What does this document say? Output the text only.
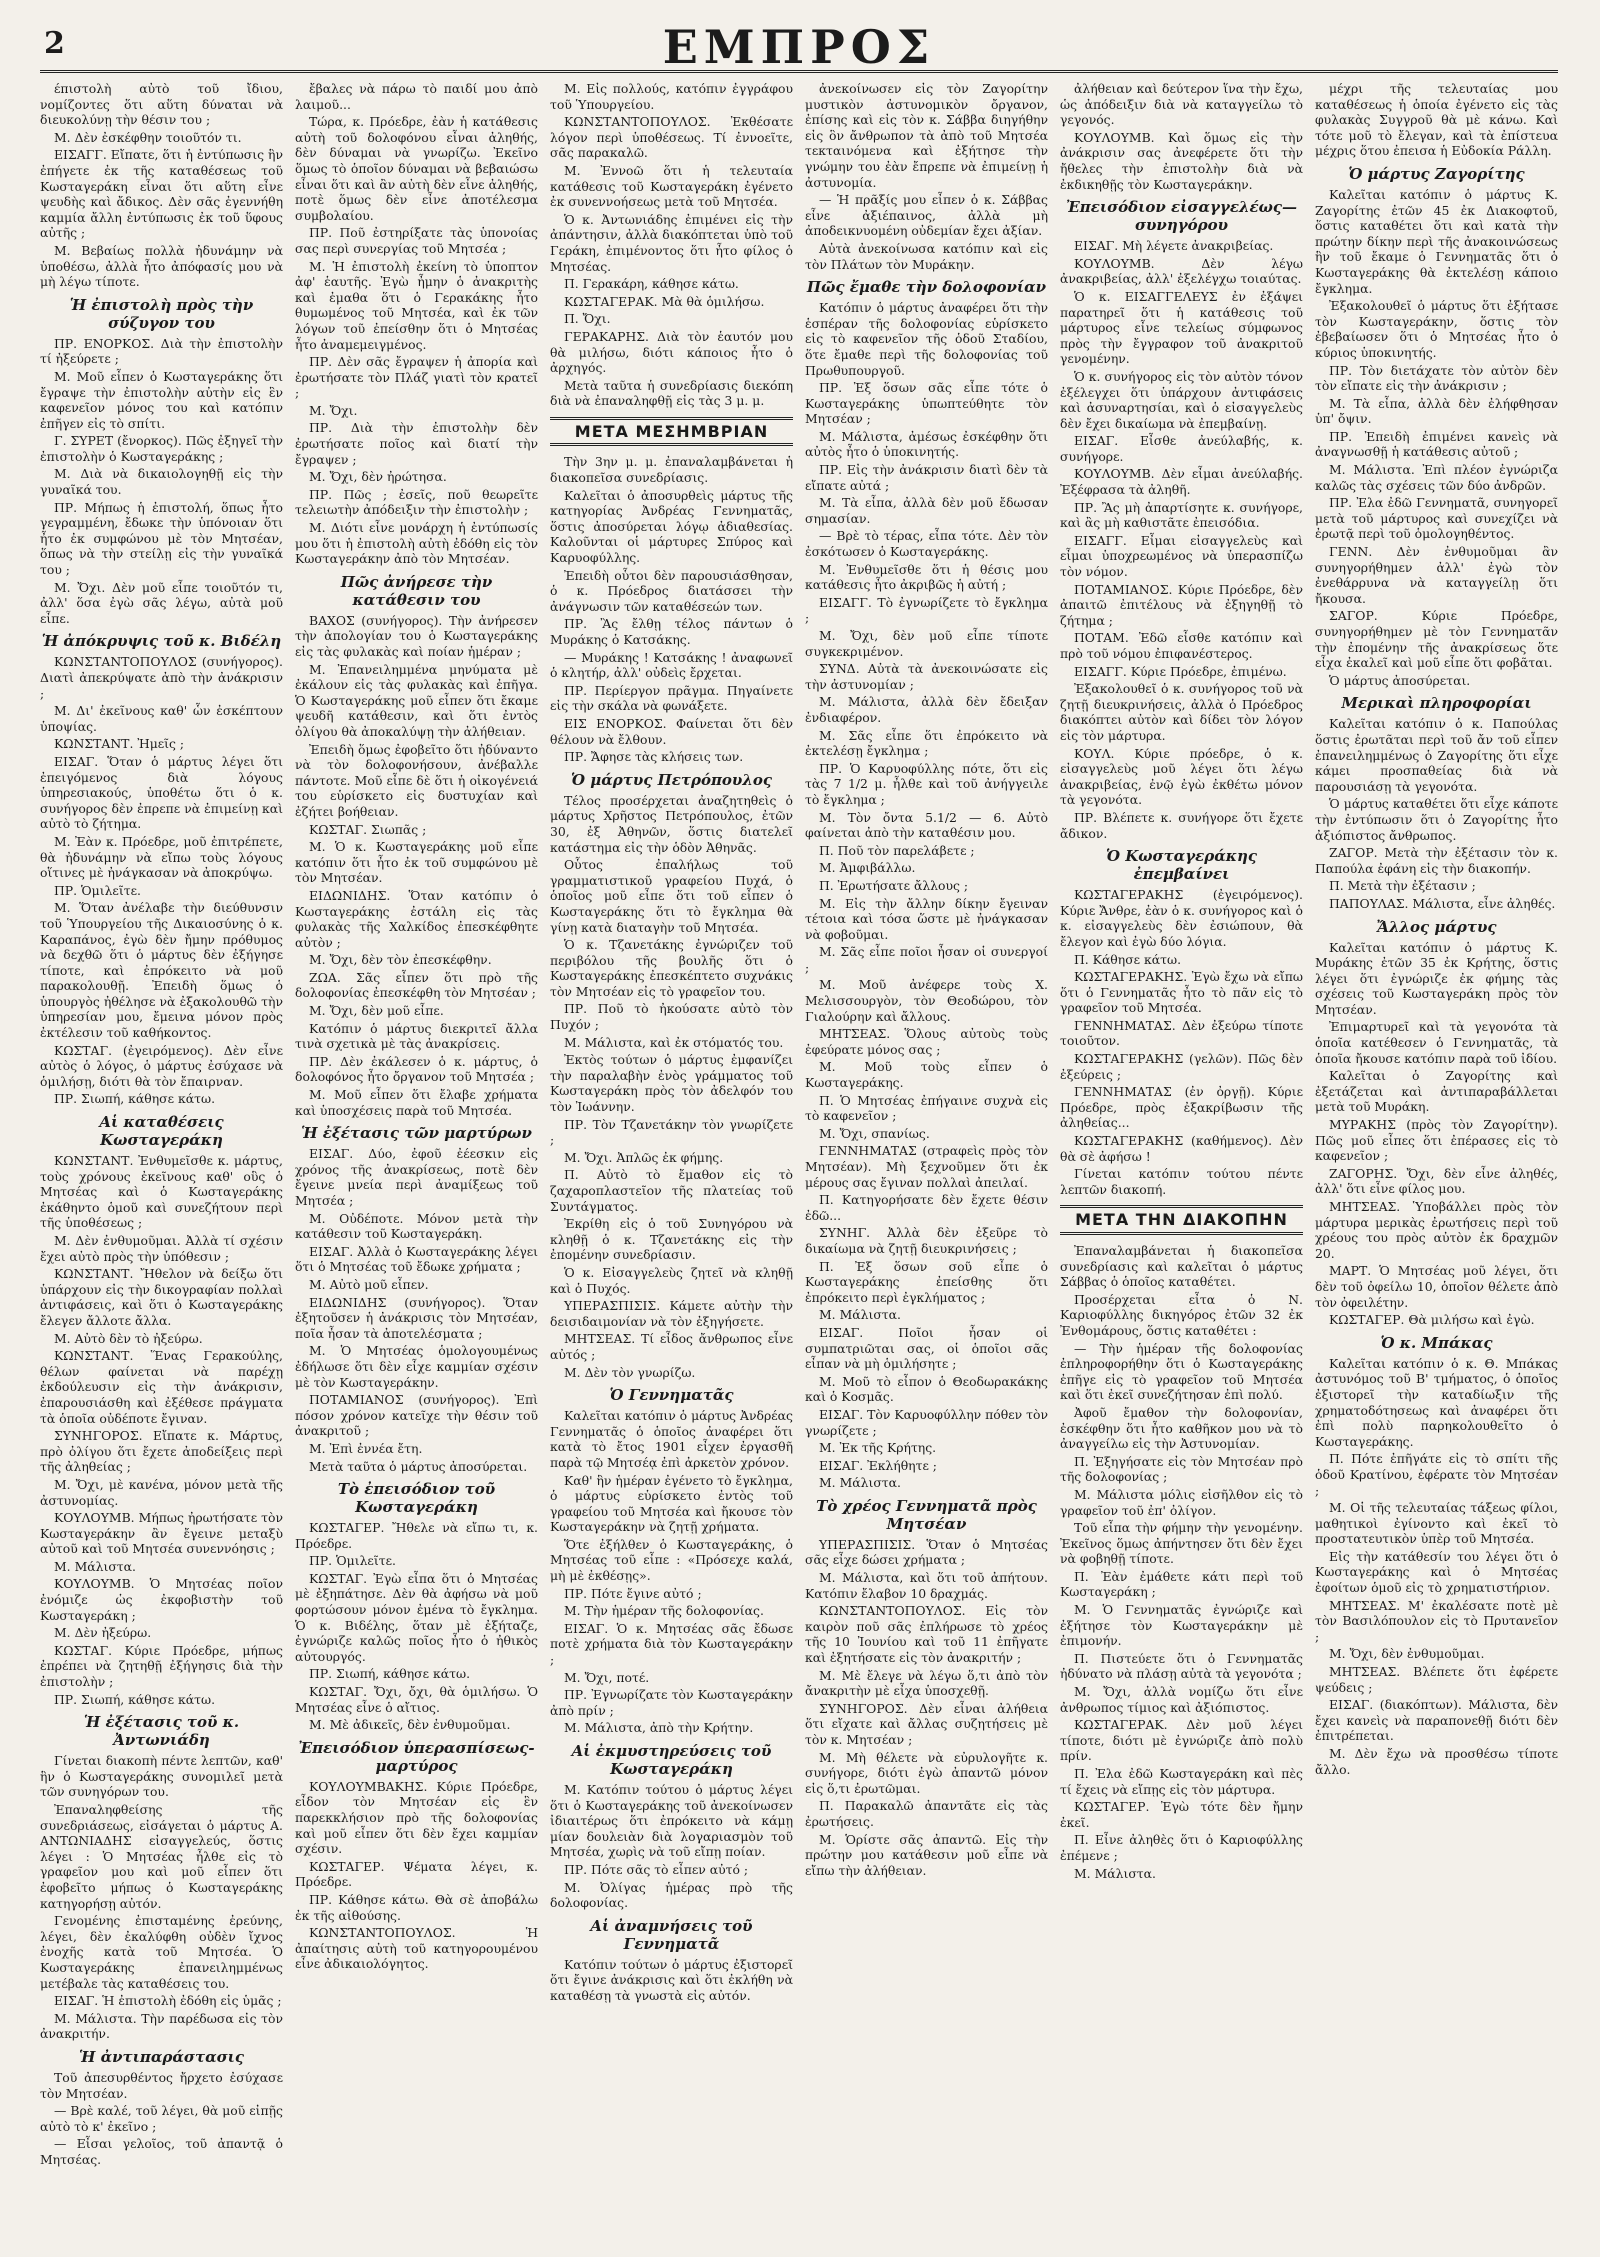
2	ΕΜΠΡΟΣ

έπιστολὴ αὐτὸ τοῦ ἴδιου, νομίζοντες ὅτι αὕτη δύναται νὰ διευκολύνῃ τὴν θέσιν του ;

Μ. Δὲν ἐσκέφθην τοιοῦτόν τι.

ΕΙΣΑΓΓ. Εἴπατε, ὅτι ἡ ἐντύπωσις ἣν ἐπήγετε ἐκ τῆς καταθέσεως τοῦ Κωσταγεράκη εἶναι ὅτι αὕτη εἶνε ψευδὴς καὶ ἄδικος. Δὲν σᾶς ἐγεννήθη καμμία ἄλλη ἐντύπωσις ἐκ τοῦ ὕφους αὐτῆς ;

Μ. Βεβαίως πολλὰ ἠδυνάμην νὰ ὑποθέσω, ἀλλὰ ἦτο ἀπόφασίς μου νὰ μὴ λέγω τίποτε.

Ἡ ἐπιστολὴ πρὸς τὴν σύζυγον του

ΠΡ. ΕΝΟΡΚΟΣ. Διὰ τὴν ἐπιστολὴν τί ἠξεύρετε ;

Μ. Μοῦ εἶπεν ὁ Κωσταγεράκης ὅτι ἔγραψε τὴν ἐπιστολὴν αὐτὴν εἰς ἓν καφενεῖον μόνος του καὶ κατόπιν ἐπῆγεν εἰς τὸ σπίτι.

Γ. ΣΥΡΕΤ (ἔνορκος). Πῶς ἐξηγεῖ τὴν ἐπιστολὴν ὁ Κωσταγεράκης ;

Μ. Διὰ νὰ δικαιολογηθῇ εἰς τὴν γυναῖκά του.

ΠΡ. Μήπως ἡ ἐπιστολή, ὅπως ἦτο γεγραμμένη, ἔδωκε τὴν ὑπόνοιαν ὅτι ἦτο ἐκ συμφώνου μὲ τὸν Μητσέαν, ὅπως νὰ τὴν στείλῃ εἰς τὴν γυναῖκά του ;

Μ. Ὄχι. Δὲν μοῦ εἶπε τοιοῦτόν τι, ἀλλ' ὅσα ἐγὼ σᾶς λέγω, αὐτὰ μοῦ εἶπε.

Ἡ ἀπόκρυψις τοῦ κ. Βιδέλη

ΚΩΝΣΤΑΝΤΟΠΟΥΛΟΣ (συνήγορος). Διατὶ ἀπεκρύψατε ἀπὸ τὴν ἀνάκρισιν ;

Μ. Δι' ἐκεῖνους καθ' ὧν ἐσκέπτουν ὑποψίας.

ΚΩΝΣΤΑΝΤ. Ἠμεῖς ;

ΕΙΣΑΓ. Ὅταν ὁ μάρτυς λέγει ὅτι ἐπειγόμενος διὰ λόγους ὑπηρεσιακούς, ὑποθέτω ὅτι ὁ κ. συνήγορος δὲν ἐπρεπε νὰ ἐπιμείνῃ καὶ αὐτὸ τὸ ζήτημα.

Μ. Ἐὰν κ. Πρόεδρε, μοῦ ἐπιτρέπετε, θὰ ἠδυνάμην νὰ εἴπω τοὺς λόγους οἵτινες μὲ ἠνάγκασαν νὰ ἀποκρύψω.

ΠΡ. Ὁμιλεῖτε.

Μ. Ὅταν ἀνέλαβε τὴν διεύθυνσιν τοῦ Ὑπουργείου τῆς Δικαιοσύνης ὁ κ. Καραπάνος, ἐγὼ δὲν ἤμην πρόθυμος νὰ δεχθῶ ὅτι ὁ μάρτυς δὲν ἐξήγησε τίποτε, καὶ ἐπρόκειτο νὰ μοῦ παρακολουθῇ. Ἐπειδὴ ὅμως ὁ ὑπουργὸς ἠθέλησε νὰ ἐξακολουθῶ τὴν ὑπηρεσίαν μου, ἔμεινα μόνον πρὸς ἐκτέλεσιν τοῦ καθήκοντος.

ΚΩΣΤΑΓ. (ἐγειρόμενος). Δὲν εἶνε αὐτὸς ὁ λόγος, ὁ μάρτυς ἐσύχασε νὰ ὁμιλήσῃ, διότι θὰ τὸν ἔπαιρναν.

ΠΡ. Σιωπή, κάθησε κάτω.

Αἱ καταθέσεις Κωσταγεράκη

ΚΩΝΣΤΑΝΤ. Ἐνθυμεῖσθε κ. μάρτυς, τοὺς χρόνους ἐκεῖνους καθ' οὓς ὁ Μητσέας καὶ ὁ Κωσταγεράκης ἐκάθηντο ὁμοῦ καὶ συνεζήτουν περὶ τῆς ὑποθέσεως ;

Μ. Δὲν ἐνθυμοῦμαι. Ἀλλὰ τί σχέσιν ἔχει αὐτὸ πρὸς τὴν ὑπόθεσιν ;

ΚΩΝΣΤΑΝΤ. Ἤθελον νὰ δείξω ὅτι ὑπάρχουν εἰς τὴν δικογραφίαν πολλαὶ ἀντιφάσεις, καὶ ὅτι ὁ Κωσταγεράκης ἔλεγεν ἄλλοτε ἄλλα.

Μ. Αὐτὸ δὲν τὸ ἠξεύρω.

ΚΩΝΣΤΑΝΤ. Ἕνας Γερακούλης, θέλων φαίνεται νὰ παρέχῃ ἐκδούλευσιν εἰς τὴν ἀνάκρισιν, ἐπαρουσιάσθη καὶ ἐξέθεσε πράγματα τὰ ὁποῖα οὐδέποτε ἔγιναν.

ΣΥΝΗΓΟΡΟΣ. Εἴπατε κ. Μάρτυς, πρὸ ὀλίγου ὅτι ἔχετε ἀποδείξεις περὶ τῆς ἀληθείας ;

Μ. Ὄχι, μὲ κανένα, μόνον μετὰ τῆς ἀστυνομίας.

ΚΟΥΛΟΥΜΒ. Μήπως ἠρωτήσατε τὸν Κωσταγεράκην ἂν ἔγεινε μεταξὺ αὐτοῦ καὶ τοῦ Μητσέα συνεννόησις ;

Μ. Μάλιστα.

ΚΟΥΛΟΥΜΒ. Ὁ Μητσέας ποῖον ἐνόμιζε ὡς ἐκφοβιστὴν τοῦ Κωσταγεράκη ;

Μ. Δὲν ἠξεύρω.

ΚΩΣΤΑΓ. Κύριε Πρόεδρε, μήπως ἐπρέπει νὰ ζητηθῇ ἐξήγησις διὰ τὴν ἐπιστολὴν ;

ΠΡ. Σιωπή, κάθησε κάτω.

Ἡ ἐξέτασις τοῦ κ. Ἀντωνιάδη

Γίνεται διακοπὴ πέντε λεπτῶν, καθ' ἣν ὁ Κωσταγεράκης συνομιλεῖ μετὰ τῶν συνηγόρων του.

Ἐπαναληφθείσης τῆς συνεδριάσεως, εἰσάγεται ὁ μάρτυς Α. ΑΝΤΩΝΙΑΔΗΣ εἰσαγγελεύς, ὅστις λέγει : Ὁ Μητσέας ἦλθε εἰς τὸ γραφεῖον μου καὶ μοῦ εἶπεν ὅτι ἐφοβεῖτο μήπως ὁ Κωσταγεράκης κατηγορήσῃ αὐτόν.

Γενομένης ἐπισταμένης ἐρεύνης, λέγει, δὲν ἐκαλύφθη οὐδὲν ἴχνος ἐνοχῆς κατὰ τοῦ Μητσέα. Ὁ Κωσταγεράκης ἐπανειλημμένως μετέβαλε τὰς καταθέσεις του.

ΕΙΣΑΓ. Ἡ ἐπιστολὴ ἐδόθη εἰς ὑμᾶς ;

Μ. Μάλιστα. Τὴν παρέδωσα εἰς τὸν ἀνακριτήν.

Ἡ ἀντιπαράστασις

Τοῦ ἀπεσυρθέντος ἤρχετο ἐσύχασε τὸν Μητσέαν.

— Βρὲ καλέ, τοῦ λέγει, θὰ μοῦ εἰπῇς αὐτὸ τὸ κ' ἐκεῖνο ;

— Εἶσαι γελοῖος, τοῦ ἀπαντᾷ ὁ Μητσέας.

ἔβαλες νὰ πάρω τὸ παιδί μου ἀπὸ λαιμοῦ...

Τώρα, κ. Πρόεδρε, ἐὰν ἡ κατάθεσις αὐτὴ τοῦ δολοφόνου εἶναι ἀληθής, δὲν δύναμαι νὰ γνωρίζω. Ἐκεῖνο ὅμως τὸ ὁποῖον δύναμαι νὰ βεβαιώσω εἶναι ὅτι καὶ ἂν αὐτὴ δὲν εἶνε ἀληθής, ποτὲ ὅμως δὲν εἶνε ἀποτέλεσμα συμβολαίου.

ΠΡ. Ποῦ ἐστηρίξατε τὰς ὑπονοίας σας περὶ συνεργίας τοῦ Μητσέα ;

Μ. Ἡ ἐπιστολὴ ἐκείνη τὸ ὑποπτον ἀφ' ἑαυτῆς. Ἐγὼ ἦμην ὁ ἀνακριτὴς καὶ ἐμαθα ὅτι ὁ Γερακάκης ἦτο θυμωμένος τοῦ Μητσέα, καὶ ἐκ τῶν λόγων τοῦ ἐπείσθην ὅτι ὁ Μητσέας ἦτο ἀναμεμειγμένος.

ΠΡ. Δὲν σᾶς ἔγραψεν ἡ ἀπορία καὶ ἐρωτήσατε τὸν Πλάζ γιατὶ τὸν κρατεῖ ;

Μ. Ὄχι.

ΠΡ. Διὰ τὴν ἐπιστολὴν δὲν ἐρωτήσατε ποῖος καὶ διατί τὴν ἔγραψεν ;

Μ. Ὄχι, δὲν ἠρώτησα.

ΠΡ. Πῶς ; ἐσεῖς, ποῦ θεωρεῖτε τελειωτὴν ἀπόδειξιν τὴν ἐπιστολὴν ;

Μ. Διότι εἶνε μονάρχη ἡ ἐντύπωσίς μου ὅτι ἡ ἐπιστολὴ αὐτὴ ἐδόθη εἰς τὸν Κωσταγεράκην ἀπὸ τὸν Μητσέαν.

Πῶς ἀνήρεσε τὴν κατάθεσιν του

ΒΑΧΟΣ (συνήγορος). Τὴν ἀνήρεσεν τὴν ἀπολογίαν του ὁ Κωσταγεράκης εἰς τὰς φυλακὰς καὶ ποίαν ἡμέραν ;

Μ. Ἐπανειλημμένα μηνύματα μὲ ἐκάλουν εἰς τὰς φυλακὰς καὶ ἐπῆγα. Ὁ Κωσταγεράκης μοῦ εἶπεν ὅτι ἔκαμε ψευδῆ κατάθεσιν, καὶ ὅτι ἐντὸς ὀλίγου θὰ ἀποκαλύψῃ τὴν ἀλήθειαν.

Ἐπειδὴ ὅμως ἐφοβεῖτο ὅτι ἠδύναντο νὰ τὸν δολοφονήσουν, ἀνέβαλλε πάντοτε. Μοῦ εἶπε δὲ ὅτι ἡ οἰκογένειά του εὑρίσκετο εἰς δυστυχίαν καὶ ἐζήτει βοήθειαν.

ΚΩΣΤΑΓ. Σιωπᾶς ;

Μ. Ὁ κ. Κωσταγεράκης μοῦ εἶπε κατόπιν ὅτι ἦτο ἐκ τοῦ συμφώνου μὲ τὸν Μητσέαν.

ΕΙΔΩΝΙΔΗΣ. Ὅταν κατόπιν ὁ Κωσταγεράκης ἐστάλη εἰς τὰς φυλακὰς τῆς Χαλκίδος ἐπεσκέφθητε αὐτὸν ;

Μ. Ὄχι, δὲν τὸν ἐπεσκέφθην.

ΖΩΑ. Σᾶς εἶπεν ὅτι πρὸ τῆς δολοφονίας ἐπεσκέφθη τὸν Μητσέαν ;

Μ. Ὄχι, δὲν μοῦ εἶπε.

Κατόπιν ὁ μάρτυς διεκριτεῖ ἄλλα τινὰ σχετικὰ μὲ τὰς ἀνακρίσεις.

ΠΡ. Δὲν ἐκάλεσεν ὁ κ. μάρτυς, ὁ δολοφόνος ἦτο ὄργανον τοῦ Μητσέα ;

Μ. Μοῦ εἶπεν ὅτι ἔλαβε χρήματα καὶ ὑποσχέσεις παρὰ τοῦ Μητσέα.

Ἡ ἐξέτασις τῶν μαρτύρων

ΕΙΣΑΓ. Δύο, ἐφοῦ ἐέεσκιν εἰς χρόνος τῆς ἀνακρίσεως, ποτὲ δὲν ἔγεινε μνεία περὶ ἀναμίξεως τοῦ Μητσέα ;

Μ. Οὐδέποτε. Μόνον μετὰ τὴν κατάθεσιν τοῦ Κωσταγεράκη.

ΕΙΣΑΓ. Ἀλλὰ ὁ Κωσταγεράκης λέγει ὅτι ὁ Μητσέας τοῦ ἔδωκε χρήματα ;

Μ. Αὐτὸ μοῦ εἶπεν.

ΕΙΔΩΝΙΔΗΣ (συνήγορος). Ὅταν ἐξητοῦσεν ἡ ἀνάκρισις τὸν Μητσέαν, ποῖα ἦσαν τὰ ἀποτελέσματα ;

Μ. Ὁ Μητσέας ὁμολογουμένως ἐδήλωσε ὅτι δὲν εἶχε καμμίαν σχέσιν μὲ τὸν Κωσταγεράκην.

ΠΟΤΑΜΙΑΝΟΣ (συνήγορος). Ἐπὶ πόσον χρόνον κατεῖχε τὴν θέσιν τοῦ ἀνακριτοῦ ;

Μ. Ἐπὶ ἐννέα ἔτη.

Μετὰ ταῦτα ὁ μάρτυς ἀποσύρεται.

Τὸ ἐπεισόδιον τοῦ Κωσταγεράκη

ΚΩΣΤΑΓΕΡ. Ἤθελε νὰ εἴπω τι, κ. Πρόεδρε.

ΠΡ. Ὁμιλεῖτε.

ΚΩΣΤΑΓ. Ἐγὼ εἶπα ὅτι ὁ Μητσέας μὲ ἐξηπάτησε. Δὲν θὰ ἀφήσω νὰ μοῦ φορτώσουν μόνον ἐμένα τὸ ἔγκλημα. Ὁ κ. Βιδέλης, ὅταν μὲ ἐξήταζε, ἐγνώριζε καλῶς ποῖος ἦτο ὁ ἠθικὸς αὐτουργός.

ΠΡ. Σιωπή, κάθησε κάτω.

ΚΩΣΤΑΓ. Ὄχι, ὄχι, θὰ ὁμιλήσω. Ὁ Μητσέας εἶνε ὁ αἴτιος.

Μ. Μὲ ἀδικεῖς, δὲν ἐνθυμοῦμαι.

Ἐπεισόδιον ὑπερασπίσεως-μαρτύρος

ΚΟΥΛΟΥΜΒΑΚΗΣ. Κύριε Πρόεδρε, εἶδον τὸν Μητσέαν εἰς ἓν παρεκκλήσιον πρὸ τῆς δολοφονίας καὶ μοῦ εἶπεν ὅτι δὲν ἔχει καμμίαν σχέσιν.

ΚΩΣΤΑΓΕΡ. Ψέματα λέγει, κ. Πρόεδρε.

ΠΡ. Κάθησε κάτω. Θὰ σὲ ἀποβάλω ἐκ τῆς αἰθούσης.

ΚΩΝΣΤΑΝΤΟΠΟΥΛΟΣ. Ἡ ἀπαίτησις αὐτὴ τοῦ κατηγορουμένου εἶνε ἀδικαιολόγητος.

Μ. Εἰς πολλούς, κατόπιν ἐγγράφου τοῦ Ὑπουργείου.

ΚΩΝΣΤΑΝΤΟΠΟΥΛΟΣ. Ἐκθέσατε λόγον περὶ ὑποθέσεως. Τί ἐννοεῖτε, σᾶς παρακαλῶ.

Μ. Ἐννοῶ ὅτι ἡ τελευταία κατάθεσις τοῦ Κωσταγεράκη ἐγένετο ἐκ συνεννοήσεως μετὰ τοῦ Μητσέα.

Ὁ κ. Ἀντωνιάδης ἐπιμένει εἰς τὴν ἀπάντησιν, ἀλλὰ διακόπτεται ὑπὸ τοῦ Γεράκη, ἐπιμένοντος ὅτι ἦτο φίλος ὁ Μητσέας.

Π. Γερακάρη, κάθησε κάτω.

ΚΩΣΤΑΓΕΡΑΚ. Μὰ θὰ ὁμιλήσω.

Π. Ὄχι.

ΓΕΡΑΚΑΡΗΣ. Διὰ τὸν ἑαυτόν μου θὰ μιλήσω, διότι κάποιος ἦτο ὁ ἀρχηγός.

Μετὰ ταῦτα ἡ συνεδρίασις διεκόπη διὰ νὰ ἐπαναληφθῇ εἰς τὰς 3 μ. μ.

ΜΕΤΑ ΜΕΣΗΜΒΡΙΑΝ

Τὴν 3ην μ. μ. ἐπαναλαμβάνεται ἡ διακοπεῖσα συνεδρίασις.

Καλεῖται ὁ ἀποσυρθεὶς μάρτυς τῆς κατηγορίας Ἀνδρέας Γεννηματᾶς, ὅστις ἀποσύρεται λόγῳ ἀδιαθεσίας. Καλοῦνται οἱ μάρτυρες Σπύρος καὶ Καρυοφύλλης.

Ἐπειδὴ οὗτοι δὲν παρουσιάσθησαν, ὁ κ. Πρόεδρος διατάσσει τὴν ἀνάγνωσιν τῶν καταθέσεών των.

ΠΡ. Ἂς ἔλθῃ τέλος πάντων ὁ Μυράκης ὁ Κατσάκης.

— Μυράκης ! Κατσάκης ! ἀναφωνεῖ ὁ κλητήρ, ἀλλ' οὐδεὶς ἔρχεται.

ΠΡ. Περίεργον πρᾶγμα. Πηγαίνετε εἰς τὴν σκάλα νὰ φωνάξετε.

ΕΙΣ ΕΝΟΡΚΟΣ. Φαίνεται ὅτι δὲν θέλουν νὰ ἔλθουν.

ΠΡ. Ἄφησε τὰς κλήσεις των.

Ὁ μάρτυς Πετρόπουλος

Τέλος προσέρχεται ἀναζητηθεὶς ὁ μάρτυς Χρῆστος Πετρόπουλος, ἐτῶν 30, ἐξ Ἀθηνῶν, ὅστις διατελεῖ κατάστημα εἰς τὴν ὁδὸν Ἀθηνᾶς.

Οὗτος ἐπαλήλως τοῦ γραμματιστικοῦ γραφείου Πυχά, ὁ ὁποῖος μοῦ εἶπε ὅτι τοῦ εἶπεν ὁ Κωσταγεράκης ὅτι τὸ ἔγκλημα θὰ γίνῃ κατὰ διαταγὴν τοῦ Μητσέα.

Ὁ κ. Τζανετάκης ἐγνώριζεν τοῦ περιβόλου τῆς βουλῆς ὅτι ὁ Κωσταγεράκης ἐπεσκέπτετο συχνάκις τὸν Μητσέαν εἰς τὸ γραφεῖον του.

ΠΡ. Ποῦ τὸ ἠκούσατε αὐτὸ τὸν Πυχόν ;

Μ. Μάλιστα, καὶ ἐκ στόματός του.

Ἐκτὸς τούτων ὁ μάρτυς ἐμφανίζει τὴν παραλαβὴν ἐνὸς γράμματος τοῦ Κωσταγεράκη πρὸς τὸν ἀδελφόν του τὸν Ἰωάννην.

ΠΡ. Τὸν Τζανετάκην τὸν γνωρίζετε ;

Μ. Ὄχι. Ἀπλῶς ἐκ φήμης.

Π. Αὐτὸ τὸ ἔμαθον εἰς τὸ ζαχαροπλαστεῖον τῆς πλατείας τοῦ Συντάγματος.

Ἐκρίθη εἰς ὁ τοῦ Συνηγόρου νὰ κληθῇ ὁ κ. Τζανετάκης εἰς τὴν ἐπομένην συνεδρίασιν.

Ὁ κ. Εἰσαγγελεὺς ζητεῖ νὰ κληθῇ καὶ ὁ Πυχός.

ΥΠΕΡΑΣΠΙΣΙΣ. Κάμετε αὐτὴν τὴν δεισιδαιμονίαν νὰ τὸν ἐξηγήσετε.

ΜΗΤΣΕΑΣ. Τί εἶδος ἄνθρωπος εἶνε αὐτός ;

Μ. Δὲν τὸν γνωρίζω.

Ὁ Γεννηματᾶς

Καλεῖται κατόπιν ὁ μάρτυς Ἀνδρέας Γεννηματᾶς ὁ ὁποῖος ἀναφέρει ὅτι κατὰ τὸ ἔτος 1901 εἶχεν ἐργασθῆ παρὰ τῷ Μητσέᾳ ἐπὶ ἀρκετὸν χρόνον.

Καθ' ἣν ἡμέραν ἐγένετο τὸ ἔγκλημα, ὁ μάρτυς εὑρίσκετο ἐντὸς τοῦ γραφείου τοῦ Μητσέα καὶ ἤκουσε τὸν Κωσταγεράκην νὰ ζητῇ χρήματα.

Ὅτε ἐξήλθεν ὁ Κωσταγεράκης, ὁ Μητσέας τοῦ εἶπε : «Πρόσεχε καλά, μὴ μὲ ἐκθέσῃς».

ΠΡ. Πότε ἔγινε αὐτό ;

Μ. Τὴν ἡμέραν τῆς δολοφονίας.

ΕΙΣΑΓ. Ὁ κ. Μητσέας σᾶς ἔδωσε ποτὲ χρήματα διὰ τὸν Κωσταγεράκην ;

Μ. Ὄχι, ποτέ.

ΠΡ. Ἐγνωρίζατε τὸν Κωσταγεράκην ἀπὸ πρίν ;

Μ. Μάλιστα, ἀπὸ τὴν Κρήτην.

Αἱ ἐκμυστηρεύσεις τοῦ Κωσταγεράκη

Μ. Κατόπιν τούτου ὁ μάρτυς λέγει ὅτι ὁ Κωσταγεράκης τοῦ ἀνεκοίνωσεν ἰδιαιτέρως ὅτι ἐπρόκειτο νὰ κάμῃ μίαν δουλειὰν διὰ λογαριασμὸν τοῦ Μητσέα, χωρὶς νὰ τοῦ εἴπῃ ποίαν.

ΠΡ. Πότε σᾶς τὸ εἶπεν αὐτό ;

Μ. Ὀλίγας ἡμέρας πρὸ τῆς δολοφονίας.

Αἱ ἀναμνήσεις τοῦ Γεννηματᾶ

Κατόπιν τούτων ὁ μάρτυς ἐξιστορεῖ ὅτι ἔγινε ἀνάκρισις καὶ ὅτι ἐκλήθη νὰ καταθέσῃ τὰ γνωστὰ εἰς αὐτόν.

ἀνεκοίνωσεν εἰς τὸν Ζαγορίτην μυστικὸν ἀστυνομικὸν ὄργανον, ἐπίσης καὶ εἰς τὸν κ. Σάββα διηγήθην εἰς ὃν ἄνθρωπον τὰ ἀπὸ τοῦ Μητσέα τεκταινόμενα καὶ ἐξήτησε τὴν γνώμην του ἐὰν ἔπρεπε νὰ ἐπιμείνῃ ἡ ἀστυνομία.

— Ἡ πρᾶξίς μου εἶπεν ὁ κ. Σάββας εἶνε ἀξιέπαινος, ἀλλὰ μὴ ἀποδεικνυομένη οὐδεμίαν ἔχει ἀξίαν.

Αὐτὰ ἀνεκοίνωσα κατόπιν καὶ εἰς τὸν Πλάτων τὸν Μυράκην.

Πῶς ἔμαθε τὴν δολοφονίαν

Κατόπιν ὁ μάρτυς ἀναφέρει ὅτι τὴν ἑσπέραν τῆς δολοφονίας εὑρίσκετο εἰς τὸ καφενεῖον τῆς ὁδοῦ Σταδίου, ὅτε ἔμαθε περὶ τῆς δολοφονίας τοῦ Πρωθυπουργοῦ.

ΠΡ. Ἐξ ὅσων σᾶς εἶπε τότε ὁ Κωσταγεράκης ὑπωπτεύθητε τὸν Μητσέαν ;

Μ. Μάλιστα, ἀμέσως ἐσκέφθην ὅτι αὐτὸς ἦτο ὁ ὑποκινητής.

ΠΡ. Εἰς τὴν ἀνάκρισιν διατὶ δὲν τὰ εἴπατε αὐτά ;

Μ. Τὰ εἶπα, ἀλλὰ δὲν μοῦ ἔδωσαν σημασίαν.

— Βρὲ τὸ τέρας, εἶπα τότε. Δὲν τὸν ἐσκότωσεν ὁ Κωσταγεράκης.

Μ. Ἐνθυμεῖσθε ὅτι ἡ θέσις μου κατάθεσις ἦτο ἀκριβῶς ἡ αὐτή ;

ΕΙΣΑΓΓ. Τὸ ἐγνωρίζετε τὸ ἔγκλημα ;

Μ. Ὄχι, δὲν μοῦ εἶπε τίποτε συγκεκριμένον.

ΣΥΝΔ. Αὐτὰ τὰ ἀνεκοινώσατε εἰς τὴν ἀστυνομίαν ;

Μ. Μάλιστα, ἀλλὰ δὲν ἔδειξαν ἐνδιαφέρον.

Μ. Σᾶς εἶπε ὅτι ἐπρόκειτο νὰ ἐκτελέσῃ ἔγκλημα ;

ΠΡ. Ὁ Καρυοφύλλης πότε, ὅτι εἰς τὰς 7 1/2 μ. ἦλθε καὶ τοῦ ἀνήγγειλε τὸ ἔγκλημα ;

Μ. Τὸν ὄντα 5.1/2 — 6. Αὐτὸ φαίνεται ἀπὸ τὴν καταθέσιν μου.

Π. Ποῦ τὸν παρελάβετε ;

Μ. Ἀμφιβάλλω.

Π. Ἐρωτήσατε ἄλλους ;

Μ. Εἰς τὴν ἄλλην δίκην ἔγειναν τέτοια καὶ τόσα ὥστε μὲ ἠνάγκασαν νὰ φοβοῦμαι.

Μ. Σᾶς εἶπε ποῖοι ἦσαν οἱ συνεργοί ;

Μ. Μοῦ ἀνέφερε τοὺς Χ. Μελισσουργὸν, τὸν Θεοδώρου, τὸν Γιαλούρην καὶ ἄλλους.

ΜΗΤΣΕΑΣ. Ὅλους αὐτοὺς τοὺς ἐφεύρατε μόνος σας ;

Μ. Μοῦ τοὺς εἶπεν ὁ Κωσταγεράκης.

Π. Ὁ Μητσέας ἐπήγαινε συχνὰ εἰς τὸ καφενεῖον ;

Μ. Ὄχι, σπανίως.

ΓΕΝΝΗΜΑΤΑΣ (στραφεὶς πρὸς τὸν Μητσέαν). Μὴ ξεχνοῦμεν ὅτι ἐκ μέρους σας ἔγιναν πολλαὶ ἀπειλαί.

Π. Κατηγορήσατε δὲν ἔχετε θέσιν ἐδῶ...

ΣΥΝΗΓ. Ἀλλὰ δὲν ἐξεῦρε τὸ δικαίωμα νὰ ζητῇ διευκρινήσεις ;

Π. Ἐξ ὅσων σοῦ εἶπε ὁ Κωσταγεράκης ἐπείσθης ὅτι ἐπρόκειτο περὶ ἐγκλήματος ;

Μ. Μάλιστα.

ΕΙΣΑΓ. Ποῖοι ἦσαν οἱ συμπατριῶται σας, οἱ ὁποῖοι σᾶς εἶπαν νὰ μὴ ὁμιλήσητε ;

Μ. Μοῦ τὸ εἶπον ὁ Θεοδωρακάκης καὶ ὁ Κοσμᾶς.

ΕΙΣΑΓ. Τὸν Καρυοφύλλην πόθεν τὸν γνωρίζετε ;

Μ. Ἐκ τῆς Κρήτης.

ΕΙΣΑΓ. Ἐκλήθητε ;

Μ. Μάλιστα.

Τὸ χρέος Γεννηματᾶ πρὸς Μητσέαν

ΥΠΕΡΑΣΠΙΣΙΣ. Ὅταν ὁ Μητσέας σᾶς εἶχε δώσει χρήματα ;

Μ. Μάλιστα, καὶ ὅτι τοῦ ἀπήτουν. Κατόπιν ἔλαβον 10 δραχμάς.

ΚΩΝΣΤΑΝΤΟΠΟΥΛΟΣ. Εἰς τὸν καιρὸν ποῦ σᾶς ἐπλήρωσε τὸ χρέος τῆς 10 Ἰουνίου καὶ τοῦ 11 ἐπῆγατε καὶ ἐξητήσατε εἰς τὸν ἀνακριτήν ;

Μ. Μὲ ἔλεγε νὰ λέγω ὅ,τι ἀπὸ τὸν ἄνακριτὴν μὲ εἶχα ὑποσχεθῇ.

ΣΥΝΗΓΟΡΟΣ. Δὲν εἶναι ἀλήθεια ὅτι εἴχατε καὶ ἄλλας συζητήσεις μὲ τὸν κ. Μητσέαν ;

Μ. Μὴ θέλετε νὰ εὐρυλογῆτε κ. συνήγορε, διότι ἐγὼ ἀπαντῶ μόνον εἰς ὅ,τι ἐρωτῶμαι.

Π. Παρακαλῶ ἀπαντᾶτε εἰς τὰς ἐρωτήσεις.

Μ. Ὁρίστε σᾶς ἀπαντῶ. Εἰς τὴν πρώτην μου κατάθεσιν μοῦ εἶπε νὰ εἴπω τὴν ἀλήθειαν.

ἀλήθειαν καὶ δεύτερον ἵνα τὴν ἔχω, ὡς ἀπόδειξιν διὰ νὰ καταγγείλω τὸ γεγονός.

ΚΟΥΛΟΥΜΒ. Καὶ ὅμως εἰς τὴν ἀνάκρισιν σας ἀνεφέρετε ὅτι τὴν ἤθελες τὴν ἐπιστολὴν διὰ νὰ ἐκδικηθῇς τὸν Κωσταγεράκην.

Ἐπεισόδιον εἰσαγγελέως—συνηγόρου

ΕΙΣΑΓ. Μὴ λέγετε ἀνακριβείας.

ΚΟΥΛΟΥΜΒ. Δὲν λέγω ἀνακριβείας, ἀλλ' ἐξελέγχω τοιαύτας.

Ὁ κ. ΕΙΣΑΓΓΕΛΕΥΣ ἐν ἐξάψει παρατηρεῖ ὅτι ἡ κατάθεσις τοῦ μάρτυρος εἶνε τελείως σύμφωνος πρὸς τὴν ἔγγραφον τοῦ ἀνακριτοῦ γενομένην.

Ὁ κ. συνήγορος εἰς τὸν αὐτὸν τόνον ἐξέλεγχει ὅτι ὑπάρχουν ἀντιφάσεις καὶ ἀσυναρτησίαι, καὶ ὁ εἰσαγγελεὺς δὲν ἔχει δικαίωμα νὰ ἐπεμβαίνῃ.

ΕΙΣΑΓ. Εἶσθε ἀνεύλαβής, κ. συνήγορε.

ΚΟΥΛΟΥΜΒ. Δὲν εἶμαι ἀνεύλαβής. Ἐξέφρασα τὰ ἀληθῆ.

ΠΡ. Ἂς μὴ ἀπαρτίσητε κ. συνήγορε, καὶ ἂς μὴ καθιστᾶτε ἐπεισόδια.

ΕΙΣΑΓΓ. Εἶμαι εἰσαγγελεὺς καὶ εἶμαι ὑποχρεωμένος νὰ ὑπερασπίζω τὸν νόμον.

ΠΟΤΑΜΙΑΝΟΣ. Κύριε Πρόεδρε, δὲν ἀπαιτῶ ἐπιτέλους νὰ ἐξηγηθῇ τὸ ζήτημα ;

ΠΟΤΑΜ. Ἐδῶ εἶσθε κατόπιν καὶ πρὸ τοῦ νόμου ἐπιφανέστερος.

ΕΙΣΑΓΓ. Κύριε Πρόεδρε, ἐπιμένω.

Ἐξακολουθεῖ ὁ κ. συνήγορος τοῦ νὰ ζητῇ διευκρινήσεις, ἀλλὰ ὁ Πρόεδρος διακόπτει αὐτὸν καὶ δίδει τὸν λόγον εἰς τὸν μάρτυρα.

ΚΟΥΛ. Κύριε πρόεδρε, ὁ κ. εἰσαγγελεὺς μοῦ λέγει ὅτι λέγω ἀνακριβείας, ἐνῷ ἐγὼ ἐκθέτω μόνον τὰ γεγονότα.

ΠΡ. Βλέπετε κ. συνήγορε ὅτι ἔχετε ἄδικον.

Ὁ Κωσταγεράκης ἐπεμβαίνει

ΚΩΣΤΑΓΕΡΑΚΗΣ (ἐγειρόμενος). Κύριε Ἄνθρε, ἐὰν ὁ κ. συνήγορος καὶ ὁ κ. εἰσαγγελεὺς δὲν ἐσιώπουν, θὰ ἔλεγον καὶ ἐγὼ δύο λόγια.

Π. Κάθησε κάτω.

ΚΩΣΤΑΓΕΡΑΚΗΣ. Ἐγὼ ἔχω νὰ εἴπω ὅτι ὁ Γεννηματᾶς ἦτο τὸ πᾶν εἰς τὸ γραφεῖον τοῦ Μητσέα.

ΓΕΝΝΗΜΑΤΑΣ. Δὲν ἐξεύρω τίποτε τοιοῦτον.

ΚΩΣΤΑΓΕΡΑΚΗΣ (γελῶν). Πῶς δὲν ἐξεύρεις ;

ΓΕΝΝΗΜΑΤΑΣ (ἐν ὀργῇ). Κύριε Πρόεδρε, πρὸς ἐξακρίβωσιν τῆς ἀληθείας...

ΚΩΣΤΑΓΕΡΑΚΗΣ (καθήμενος). Δὲν θὰ σὲ ἀφήσω !

Γίνεται κατόπιν τούτου πέντε λεπτῶν διακοπή.

ΜΕΤΑ ΤΗΝ ΔΙΑΚΟΠΗΝ

Ἐπαναλαμβάνεται ἡ διακοπεῖσα συνεδρίασις καὶ καλεῖται ὁ μάρτυς Σάββας ὁ ὁποῖος καταθέτει.

Προσέρχεται εἶτα ὁ Ν. Καριοφύλλης δικηγόρος ἐτῶν 32 ἐκ Ἐνθομάρους, ὅστις καταθέτει :

— Τὴν ἡμέραν τῆς δολοφονίας ἐπληροφορήθην ὅτι ὁ Κωσταγεράκης ἐπῆγε εἰς τὸ γραφεῖον τοῦ Μητσέα καὶ ὅτι ἐκεῖ συνεζήτησαν ἐπὶ πολύ.

Ἀφοῦ ἔμαθον τὴν δολοφονίαν, ἐσκέφθην ὅτι ἦτο καθῆκον μου νὰ τὸ ἀναγγείλω εἰς τὴν Ἀστυνομίαν.

Π. Ἐξηγήσατε εἰς τὸν Μητσέαν πρὸ τῆς δολοφονίας ;

Μ. Μάλιστα μόλις εἰσῆλθον εἰς τὸ γραφεῖον τοῦ ἐπ' ὀλίγον.

Τοῦ εἶπα τὴν φήμην τὴν γενομένην. Ἐκεῖνος ὅμως ἀπήντησεν ὅτι δὲν ἔχει νὰ φοβηθῇ τίποτε.

Π. Ἐὰν ἐμάθετε κάτι περὶ τοῦ Κωσταγεράκη ;

Μ. Ὁ Γεννηματᾶς ἐγνώριζε καὶ ἐξήτησε τὸν Κωσταγεράκην μὲ ἐπιμονήν.

Π. Πιστεύετε ὅτι ὁ Γεννηματᾶς ἠδύνατο νὰ πλάσῃ αὐτὰ τὰ γεγονότα ;

Μ. Ὄχι, ἀλλὰ νομίζω ὅτι εἶνε ἀνθρωπος τίμιος καὶ ἀξιόπιστος.

ΚΩΣΤΑΓΕΡΑΚ. Δὲν μοῦ λέγει τίποτε, διότι μὲ ἐγνώριζε ἀπὸ πολὺ πρίν.

Π. Ἐλα ἐδῶ Κωσταγεράκη καὶ πὲς τί ἔχεις νὰ εἴπῃς εἰς τὸν μάρτυρα.

ΚΩΣΤΑΓΕΡ. Ἐγὼ τότε δὲν ἤμην ἐκεῖ.

Π. Εἶνε ἀληθὲς ὅτι ὁ Καριοφύλλης ἐπέμενε ;

Μ. Μάλιστα.

μέχρι τῆς τελευταίας μου καταθέσεως ἡ ὁποία ἐγένετο εἰς τὰς φυλακὰς Συγγροῦ θὰ μὲ κάνω. Καὶ τότε μοῦ τὸ ἔλεγαν, καὶ τὰ ἐπίστευα μέχρις ὅτου ἐπεισα ἡ Εὐδοκία Ράλλη.

Ὁ μάρτυς Ζαγορίτης

Καλεῖται κατόπιν ὁ μάρτυς Κ. Ζαγορίτης ἐτῶν 45 ἐκ Διακοφτοῦ, ὅστις καταθέτει ὅτι καὶ κατὰ τὴν πρώτην δίκην περὶ τῆς ἀνακοινώσεως ἣν τοῦ ἔκαμε ὁ Γεννηματᾶς ὅτι ὁ Κωσταγεράκης θὰ ἐκτελέσῃ κάποιο ἔγκλημα.

Ἐξακολουθεῖ ὁ μάρτυς ὅτι ἐξήτασε τὸν Κωσταγεράκην, ὅστις τὸν ἐβεβαίωσεν ὅτι ὁ Μητσέας ἦτο ὁ κύριος ὑποκινητής.

ΠΡ. Τὸν διετάχατε τὸν αὐτὸν δὲν τὸν εἴπατε εἰς τὴν ἀνάκρισιν ;

Μ. Τὰ εἶπα, ἀλλὰ δὲν ἐλήφθησαν ὑπ' ὄψιν.

ΠΡ. Ἐπειδὴ ἐπιμένει κανεὶς νὰ ἀναγνωσθῇ ἡ κατάθεσις αὐτοῦ ;

Μ. Μάλιστα. Ἐπὶ πλέον ἐγνώριζα καλῶς τὰς σχέσεις τῶν δύο ἀνδρῶν.

ΠΡ. Ἐλα ἐδῶ Γεννηματᾶ, συνηγορεῖ μετὰ τοῦ μάρτυρος καὶ συνεχίζει νὰ ἐρωτᾷ περὶ τοῦ ὁμολογηθέντος.

ΓΕΝΝ. Δὲν ἐνθυμοῦμαι ἂν συνηγορήθημεν ἀλλ' ἐγὼ τὸν ἐνεθάρρυνα νὰ καταγγείλῃ ὅτι ἤκουσα.

ΣΑΓΟΡ. Κύριε Πρόεδρε, συνηγορήθημεν μὲ τὸν Γεννηματᾶν τὴν ἐπομένην τῆς ἀνακρίσεως ὅτε εἶχα ἐκαλεῖ καὶ μοῦ εἶπε ὅτι φοβᾶται.

Ὁ μάρτυς ἀποσύρεται.

Μερικαὶ πληροφορίαι

Καλεῖται κατόπιν ὁ κ. Παπούλας ὅστις ἐρωτᾶται περὶ τοῦ ἄν τοῦ εἶπεν ἐπανειλημμένως ὁ Ζαγορίτης ὅτι εἶχε κάμει προσπαθείας διὰ νὰ παρουσιάσῃ τὰ γεγονότα.

Ὁ μάρτυς καταθέτει ὅτι εἶχε κάποτε τὴν ἐντύπωσιν ὅτι ὁ Ζαγορίτης ἦτο ἀξιόπιστος ἄνθρωπος.

ΖΑΓΟΡ. Μετὰ τὴν ἐξέτασιν τὸν κ. Παπούλα ἐφάνη εἰς τὴν διακοπήν.

Π. Μετὰ τὴν ἐξέτασιν ;

ΠΑΠΟΥΛΑΣ. Μάλιστα, εἶνε ἀληθές.

Ἄλλος μάρτυς

Καλεῖται κατόπιν ὁ μάρτυς Κ. Μυράκης ἐτῶν 35 ἐκ Κρήτης, ὅστις λέγει ὅτι ἐγνώριζε ἐκ φήμης τὰς σχέσεις τοῦ Κωσταγεράκη πρὸς τὸν Μητσέαν.

Ἐπιμαρτυρεῖ καὶ τὰ γεγονότα τὰ ὁποῖα κατέθεσεν ὁ Γεννηματᾶς, τὰ ὁποῖα ἤκουσε κατόπιν παρὰ τοῦ ἰδίου.

Καλεῖται ὁ Ζαγορίτης καὶ ἐξετάζεται καὶ ἀντιπαραβάλλεται μετὰ τοῦ Μυράκη.

ΜΥΡΑΚΗΣ (πρὸς τὸν Ζαγορίτην). Πῶς μοῦ εἶπες ὅτι ἐπέρασες εἰς τὸ καφενεῖον ;

ΖΑΓΟΡΗΣ. Ὄχι, δὲν εἶνε ἀληθές, ἀλλ' ὅτι εἶνε φίλος μου.

ΜΗΤΣΕΑΣ. Ὑποβάλλει πρὸς τὸν μάρτυρα μερικὰς ἐρωτήσεις περὶ τοῦ χρέους του πρὸς αὐτὸν ἐκ δραχμῶν 20.

ΜΑΡΤ. Ὁ Μητσέας μοῦ λέγει, ὅτι δὲν τοῦ ὀφείλω 10, ὁποῖον θέλετε ἀπὸ τὸν ὀφειλέτην.

ΚΩΣΤΑΓΕΡ. Θὰ μιλήσω καὶ ἐγὼ.

Ὁ κ. Μπάκας

Καλεῖται κατόπιν ὁ κ. Θ. Μπάκας ἀστυνόμος τοῦ Β' τμήματος, ὁ ὁποῖος ἐξιστορεῖ τὴν καταδίωξιν τῆς χρηματοδότησεως καὶ ἀναφέρει ὅτι ἐπὶ πολὺ παρηκολουθεῖτο ὁ Κωσταγεράκης.

Π. Πότε ἐπῆγάτε εἰς τὸ σπίτι τῆς ὁδοῦ Κρατίνου, ἐφέρατε τὸν Μητσέαν ;

Μ. Οἱ τῆς τελευταίας τάξεως φίλοι, μαθητικοὶ ἐγίνοντο καὶ ἐκεῖ τὸ προστατευτικὸν ὑπὲρ τοῦ Μητσέα.

Εἰς τὴν κατάθεσίν του λέγει ὅτι ὁ Κωσταγεράκης καὶ ὁ Μητσέας ἐφοίτων ὁμοῦ εἰς τὸ χρηματιστήριον.

ΜΗΤΣΕΑΣ. Μ' ἐκαλέσατε ποτὲ μὲ τὸν Βασιλόπουλον εἰς τὸ Πρυτανεῖον ;

Μ. Ὄχι, δὲν ἐνθυμοῦμαι.

ΜΗΤΣΕΑΣ. Βλέπετε ὅτι ἐφέρετε ψεύδεις ;

ΕΙΣΑΓ. (διακόπτων). Μάλιστα, δὲν ἔχει κανεὶς νὰ παραπονεθῇ διότι δὲν ἐπιτρέπεται.

Μ. Δὲν ἔχω νὰ προσθέσω τίποτε ἄλλο.
